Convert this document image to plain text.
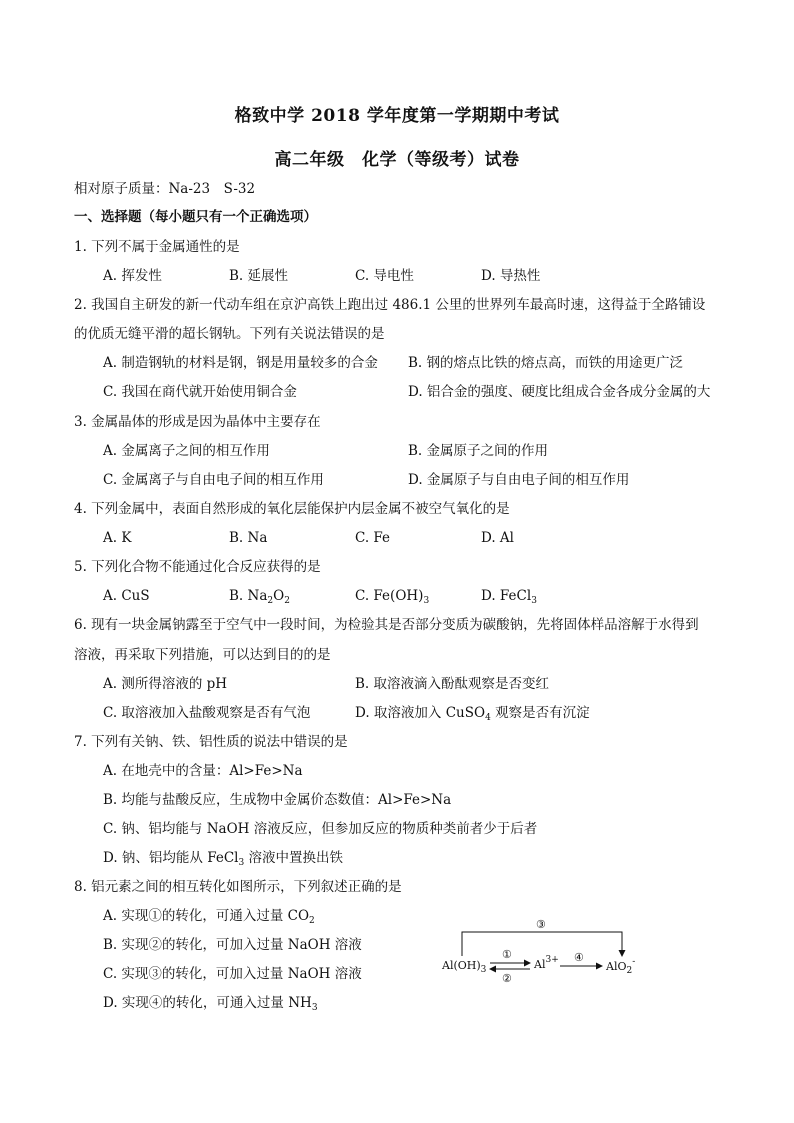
格致中学 2018 学年度第一学期期中考试
高二年级　化学（等级考）试卷
相对原子质量：Na-23　S-32
一、选择题（每小题只有一个正确选项）
1. 下列不属于金属通性的是
A. 挥发性	B. 延展性	C. 导电性	D. 导热性
2. 我国自主研发的新一代动车组在京沪高铁上跑出过 486.1 公里的世界列车最高时速，这得益于全路铺设
的优质无缝平滑的超长钢轨。下列有关说法错误的是
A. 制造钢轨的材料是钢，钢是用量较多的合金 B. 钢的熔点比铁的熔点高，而铁的用途更广泛
C. 我国在商代就开始使用铜合金	D. 铝合金的强度、硬度比组成合金各成分金属的大
3. 金属晶体的形成是因为晶体中主要存在
A. 金属离子之间的相互作用	B. 金属原子之间的作用
C. 金属离子与自由电子间的相互作用	D. 金属原子与自由电子间的相互作用
4. 下列金属中，表面自然形成的氧化层能保护内层金属不被空气氧化的是
A. K	B. Na	C. Fe	D. Al
5. 下列化合物不能通过化合反应获得的是
A. CuS	B. $Na_2O_2$	C. $Fe(OH)_3$	D. FeCl$_3$
6. 现有一块金属钠露至于空气中一段时间，为检验其是否部分变质为碳酸钠，先将固体样品溶解于水得到
溶液，再采取下列措施，可以达到目的的是
A. 测所得溶液的 pH	B. 取溶液滴入酚酞观察是否变红
C. 取溶液加入盐酸观察是否有气泡	D. 取溶液加入 CuSO$_4$ 观察是否有沉淀
7. 下列有关钠、铁、铝性质的说法中错误的是
A. 在地壳中的含量：Al>Fe>Na
B. 均能与盐酸反应，生成物中金属价态数值：Al>Fe>Na
C. 钠、铝均能与 NaOH 溶液反应，但参加反应的物质种类前者少于后者
D. 钠、铝均能从 FeCl$_3$ 溶液中置换出铁
8. 铝元素之间的相互转化如图所示，下列叙述正确的是
A. 实现①的转化，可通入过量 $CO_2$
B. 实现②的转化，可加入过量 NaOH 溶液
C. 实现③的转化，可加入过量 NaOH 溶液
D. 实现④的转化，可通入过量 $NH_3$
$Al(OH)_3$	$Al^{3+}$	AlO$_2$-
①
②
③
④
